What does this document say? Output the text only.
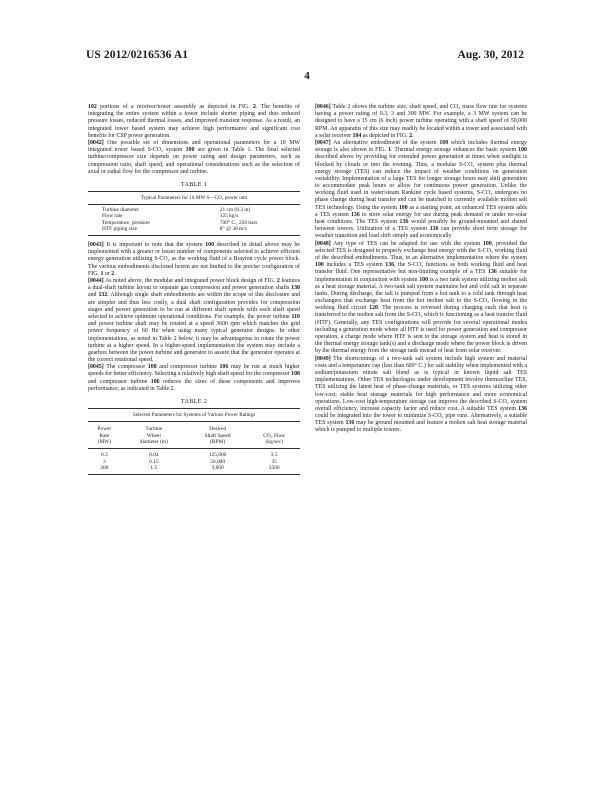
US 2012/0216536 A1	Aug. 30, 2012
4

102 portions of a receiver/tower assembly as depicted in FIG. 2. The benefits of integrating the entire system within a tower include shorter piping and thus reduced pressure losses, reduced thermal losses, and improved transient response. As a result, an integrated tower based system may achieve high performance and significant cost benefits for CSP power generation.

[0042] One possible set of dimensions and operational parameters for a 10 MW integrated tower based S-CO₂ system 100 are given in Table 1. The final selected turbine/compressor size depends on power rating and design parameters, such as compression ratio, shaft speed, and operational considerations such as the selection of axial or radial flow for the compressor and turbine.

TABLE 1
Typical Parameters for 10 MW S—CO₂ power unit
Turbine diameter	21 cm (8.3 in)
Flow rate	125 kg/s
Temperature, pressure	700° C., 250 bars
HTF piping size	8" @ 30 m/s

[0043] It is important to note that the system 100 described in detail above may be implemented with a greater or lesser number of components selected to achieve efficient energy generation utilizing S-CO₂ as the working fluid of a Brayton cycle power block. The various embodiments disclosed herein are not limited to the precise configuration of FIG. 1 or 2.

[0044] As noted above, the modular and integrated power block design of FIG. 2 features a dual-shaft turbine layout to separate gas compression and power generation shafts 130 and 132. Although single shaft embodiments are within the scope of this disclosure and are simpler and thus less costly, a dual shaft configuration provides for compression stages and power generation to be run at different shaft speeds with each shaft speed selected to achieve optimum operational conditions. For example, the power turbine 110 and power turbine shaft may be rotated at a speed 3600 rpm which matches the grid power frequency of 60 Hz when using many typical generator designs. In other implementations, as noted in Table 2 below, it may be advantageous to rotate the power turbine at a higher speed. In a higher-speed implementation the system may include a gearbox between the power turbine and generator to assure that the generator operates at the correct rotational speed.

[0045] The compressor 108 and compressor turbine 106 may be run at much higher speeds for better efficiency. Selecting a relatively high shaft speed for the compressor 108 and compressor turbine 106 reduces the sizes of these components and improves performance, as indicated in Table 2.

TABLE 2
Selected Parameters for Systems of Various Power Ratings
Power
Rate
(MW)	Turbine
Wheel
diameter (m)	Desired
Shaft Speed
(RPM)	CO₂ Flow
(kg/sec)
0.3	0.04	125,000	3.5
3	0.15	50,000	35
300	1.5	3,600	3500

[0046] Table 2 shows the turbine size, shaft speed, and CO₂ mass flow rate for systems having a power rating of 0.3, 3 and 300 MW. For example, a 3 MW system can be designed to have a 15 cm (6 inch) power turbine operating with a shaft speed of 50,000 RPM. An apparatus of this size may readily be located within a tower and associated with a solar receiver 104 as depicted in FIG. 2.

[0047] An alternative embodiment of the system 100 which includes thermal energy storage is also shown in FIG. 1. Thermal energy storage enhances the basic system 100 described above by providing for extended power generation at times when sunlight is blocked by clouds or into the evening. Thus, a modular S-CO₂ system plus thermal energy storage (TES) can reduce the impact of weather conditions on generation variability. Implementation of a large TES for longer storage hours may shift generation to accommodate peak hours or allow for continuous power generation. Unlike the working fluid used in water/steam Rankine cycle based systems, S-CO₂ undergoes no phase change during heat transfer and can be matched to currently available molten salt TES technology. Using the system 100 as a starting point, an enhanced TES system adds a TES system 136 to store solar energy for use during peak demand or under no-solar heat conditions. The TES system 136 would possibly be ground-mounted and shared between towers. Utilization of a TES system 136 can provide short term storage for weather transition and load shift simply and economically.

[0048] Any type of TES can be adapted for use with the system 100, provided the selected TES is designed to properly exchange heat energy with the S-CO₂ working fluid of the described embodiments. Thus, in an alternative implementation where the system 100 includes a TES system 136, the S-CO₂ functions as both working fluid and heat transfer fluid. One representative but non-limiting example of a TES 136 suitable for implementation in conjunction with system 100 is a two tank system utilizing molten salt as a heat storage material. A two-tank salt system maintains hot and cold salt in separate tanks. During discharge, the salt is pumped from a hot tank to a cold tank through heat exchangers that exchange heat from the hot molten salt to the S-CO₂ flowing in the working fluid circuit 120. The process is reversed during charging such that heat is transferred to the molten salt from the S-CO₂ which is functioning as a heat transfer fluid (HTF). Generally, any TES configurations will provide for several operational modes including a generation mode where all HTF is used for power generation and compressor operation, a charge mode where HTF is sent to the storage system and heat is stored in the thermal energy storage tank(s) and a discharge mode where the power block is driven by the thermal energy from the storage tank instead of heat from solar receiver.

[0049] The shortcomings of a two-tank salt system include high system and material costs and a temperature cap (less than 600° C.) for salt stability when implemented with a sodium/potassium nitrate salt blend as is typical in known liquid salt TES implementations. Other TES technologies under development involve thermocline TES, TES utilizing the latent heat of phase-change materials, or TES systems utilizing other low-cost; stable heat storage materials for high performance and more economical operations. Low-cost high-temperature storage can improve the described S-CO₂ system overall efficiency, increase capacity factor and reduce cost. A suitable TES system 136 could be integrated into the tower to minimize S-CO₂ pipe runs. Alternatively, a suitable TES system 136 may be ground mounted and feature a molten salt heat storage material which is pumped to multiple towers.
